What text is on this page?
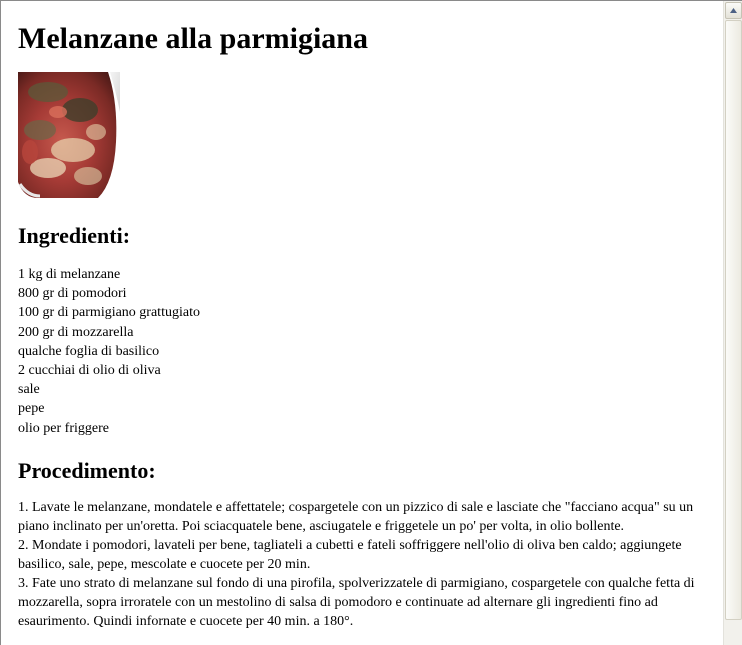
Melanzane alla parmigiana
Ingredienti:
1 kg di melanzane
800 gr di pomodori
100 gr di parmigiano grattugiato
200 gr di mozzarella
qualche foglia di basilico
2 cucchiai di olio di oliva
sale
pepe
olio per friggere
Procedimento:

1. Lavate le melanzane, mondatele e affettatele; cospargetele con un pizzico di sale e lasciate che "facciano acqua" su un piano inclinato per un'oretta. Poi sciacquatele bene, asciugatele e friggetele un po' per volta, in olio bollente.

2. Mondate i pomodori, lavateli per bene, tagliateli a cubetti e fateli soffriggere nell'olio di oliva ben caldo; aggiungete basilico, sale, pepe, mescolate e cuocete per 20 min.

3. Fate uno strato di melanzane sul fondo di una pirofila, spolverizzatele di parmigiano, cospargetele con qualche fetta di mozzarella, sopra irroratele con un mestolino di salsa di pomodoro e continuate ad alternare gli ingredienti fino ad esaurimento. Quindi infornate e cuocete per 40 min. a 180°.
